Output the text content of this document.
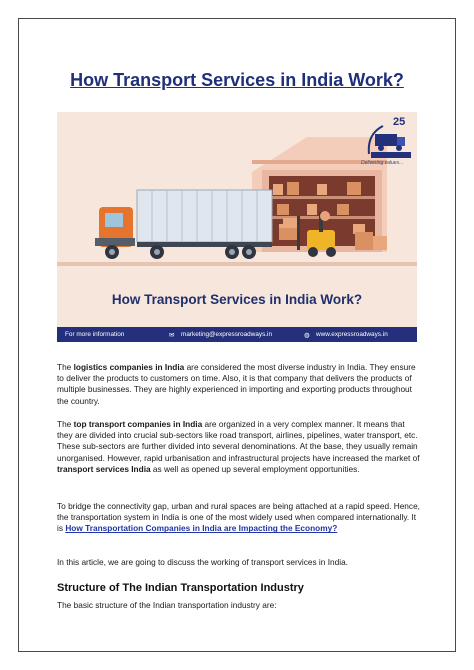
How Transport Services in India Work?
25
Delivering values...
How Transport Services in India Work?
For more information	✉ marketing@expressroadways.in	◍ www.expressroadways.in

The logistics companies in India are considered the most diverse industry in India. They ensure to deliver the products to customers on time. Also, it is that company that delivers the products of multiple businesses. They are highly experienced in importing and exporting products throughout the country.

The top transport companies in India are organized in a very complex manner. It means that they are divided into crucial sub-sectors like road transport, airlines, pipelines, water transport, etc. These sub-sectors are further divided into several denominations. At the base, they usually remain unorganised. However, rapid urbanisation and infrastructural projects have increased the market of transport services India as well as opened up several employment opportunities.

To bridge the connectivity gap, urban and rural spaces are being attached at a rapid speed. Hence, the transportation system in India is one of the most widely used when compared internationally. It is How Transportation Companies in India are Impacting the Economy?

In this article, we are going to discuss the working of transport services in India.

Structure of The Indian Transportation Industry

The basic structure of the Indian transportation industry are:
